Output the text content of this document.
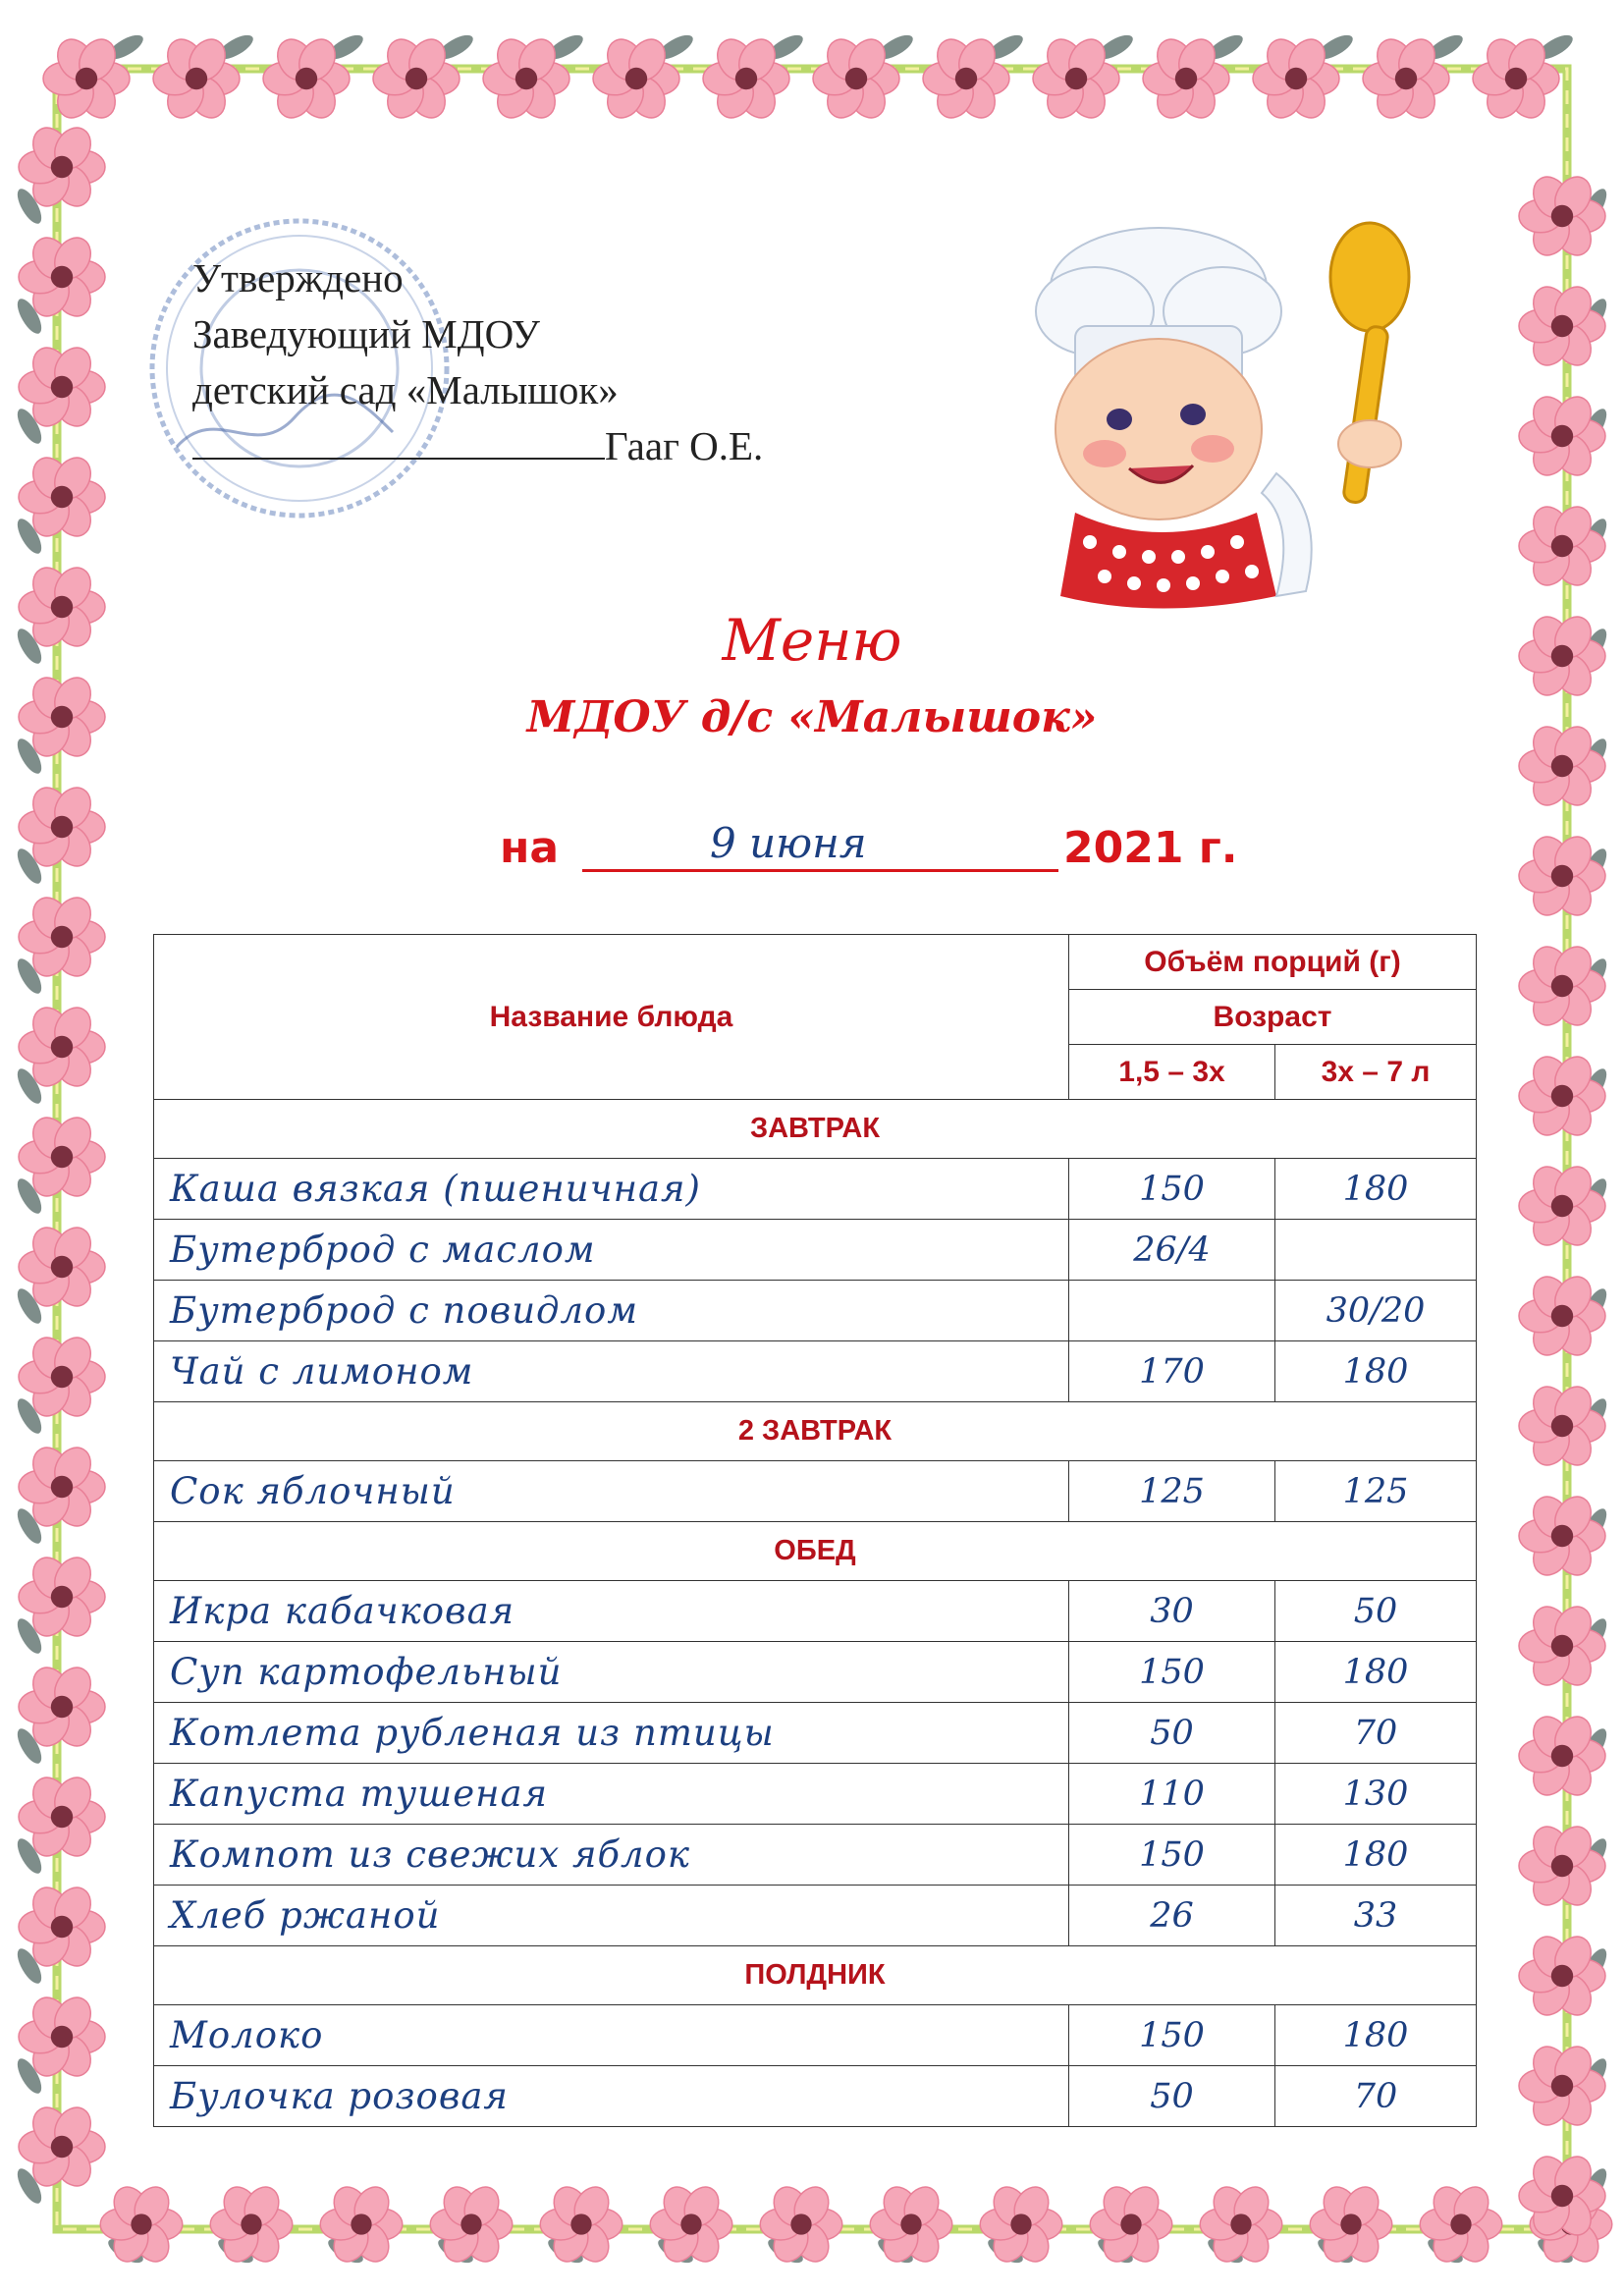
Утверждено
Заведующий МДОУ
детский сад «Малышок»
Гааг О.Е.
Меню
МДОУ д/с «Малышок»
на	9 июня	2021 г.
Название блюда	Объём порций (г)	
	Возраст	
	1,5 – 3х	3х – 7 л
ЗАВТРАК		
Каша вязкая (пшеничная)	150	180
Бутерброд с маслом	26/4	
Бутерброд с повидлом		30/20
Чай с лимоном	170	180
2 ЗАВТРАК		
Сок яблочный	125	125
ОБЕД		
Икра кабачковая	30	50
Суп картофельный	150	180
Котлета рубленая из птицы	50	70
Капуста тушеная	110	130
Компот из свежих яблок	150	180
Хлеб ржаной	26	33
ПОЛДНИК		
Молоко	150	180
Булочка розовая	50	70
